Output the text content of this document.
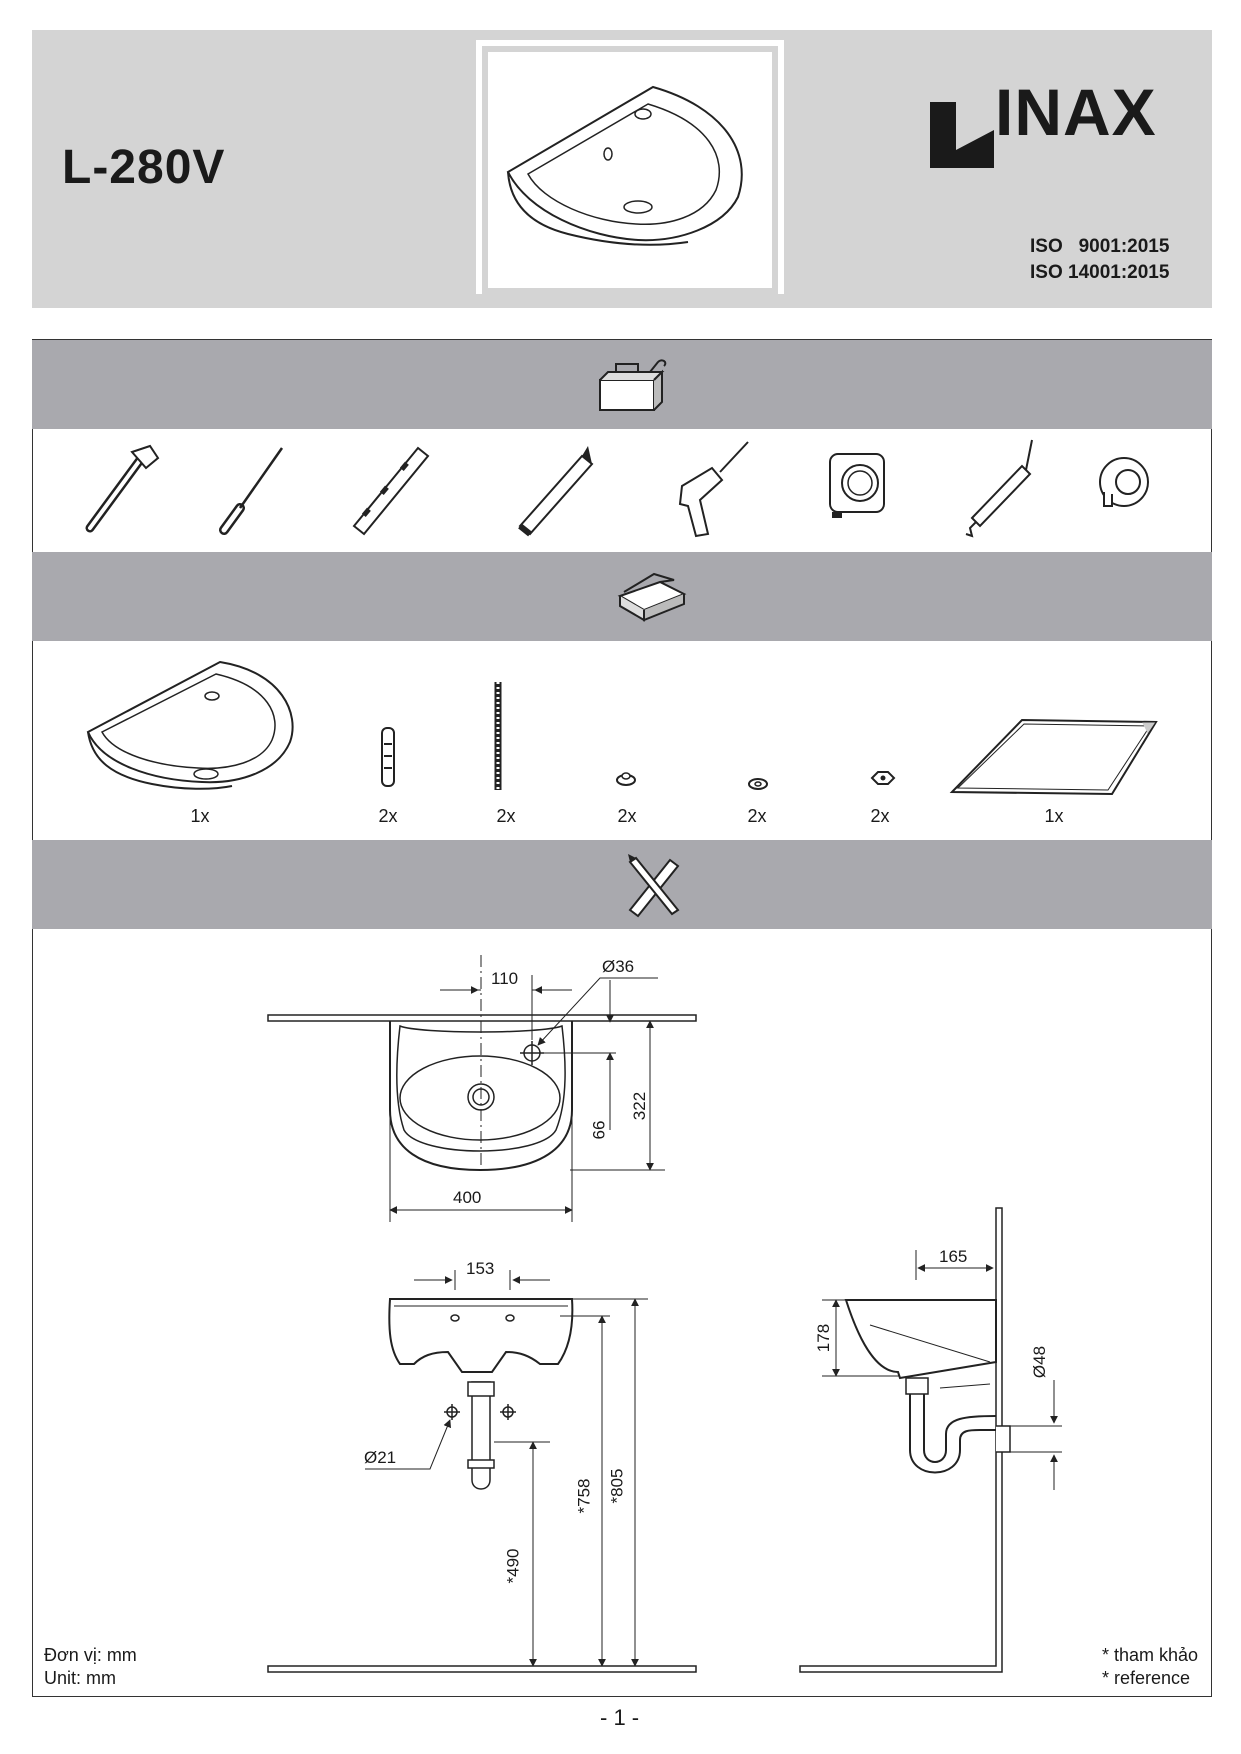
L-280V
INAX
ISO   9001:2015
ISO 14001:2015
1x	2x	2x	2x	2x	2x	1x
110
Ø36
66
322
400
153
Ø21
*490
*758 *805
165
178
Ø48
Đơn vị: mm
Unit: mm
* tham khảo
* reference
- 1 -
